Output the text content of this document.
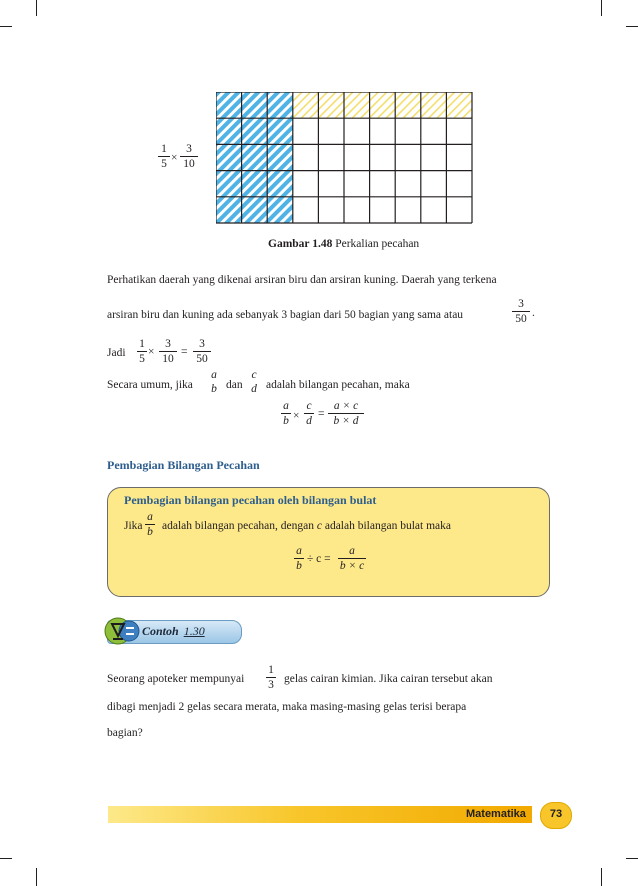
$\frac{1}{5} \times \frac{3}{10}$
Gambar 1.48 Perkalian pecahan
Perhatikan daerah yang dikenai arsiran biru dan arsiran kuning. Daerah yang terkena
arsiran biru dan kuning ada sebanyak 3 bagian dari 50 bagian yang sama atau	$\frac{3}{50}$ .
Jadi $\frac{1}{5} \times \frac{3}{10} = \frac{3}{50}$
Secara umum, jika
a
b dan
c
d adalah bilangan pecahan, maka
$\frac{a}{b} \times \frac{c}{d} = \frac{a \times c}{b \times d}$
Pembagian Bilangan Pecahan
Pembagian bilangan pecahan oleh bilangan bulat
Jika $\frac{a}{b}$ adalah bilangan pecahan, dengan c adalah bilangan bulat maka
$\frac{a}{b} \div c = \frac{a}{b \times c}$
Contoh 1.30
Seorang apoteker mempunyai $\frac{1}{3}$ gelas cairan kimian. Jika cairan tersebut akan
dibagi menjadi 2 gelas secara merata, maka masing-masing gelas terisi berapa
bagian?
Matematika	73
